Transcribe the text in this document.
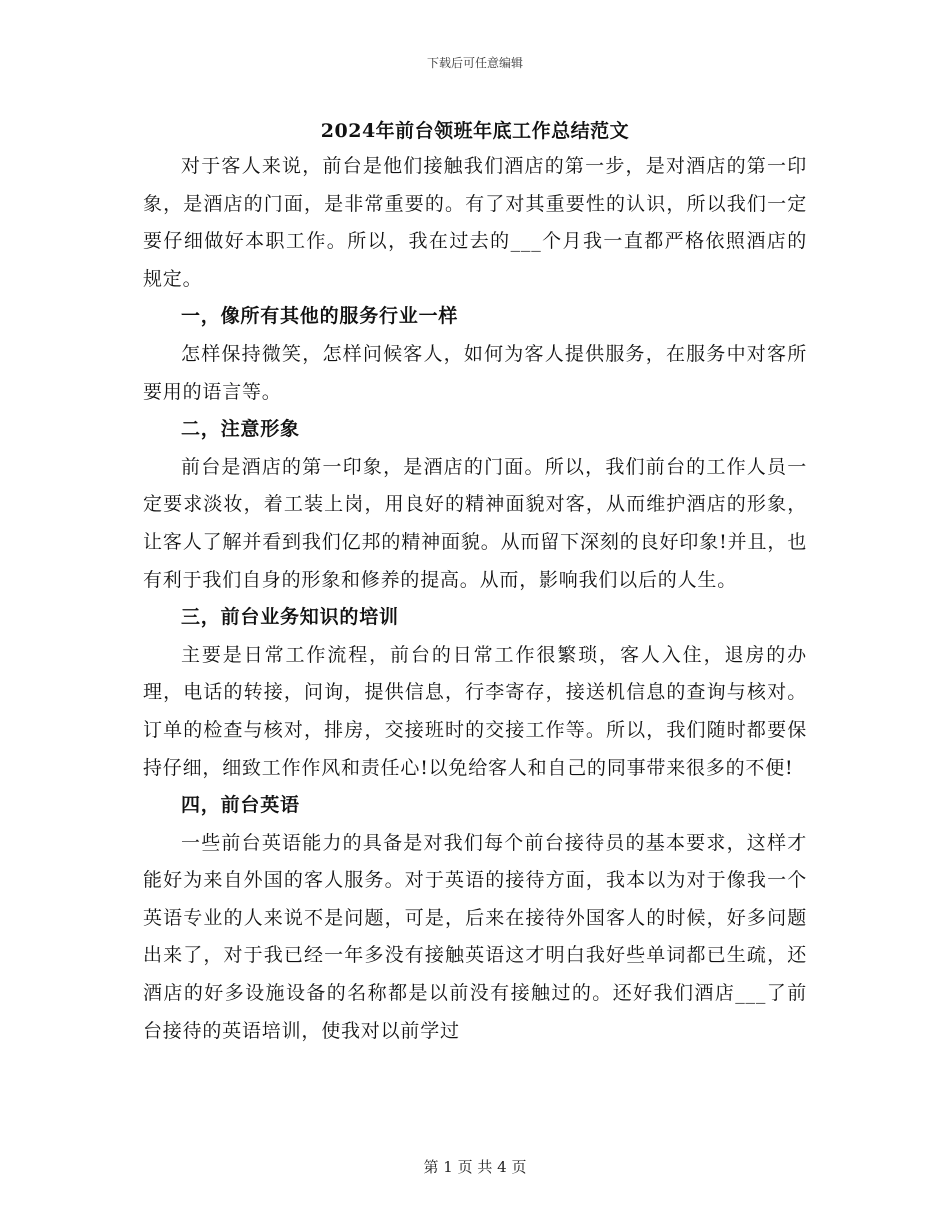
下载后可任意编辑
2024年前台领班年底工作总结范文

对于客人来说，前台是他们接触我们酒店的第一步，是对酒店的第一印象，是酒店的门面，是非常重要的。有了对其重要性的认识，所以我们一定要仔细做好本职工作。所以，我在过去的___个月我一直都严格依照酒店的规定。

一，像所有其他的服务行业一样

怎样保持微笑，怎样问候客人，如何为客人提供服务，在服务中对客所要用的语言等。

二，注意形象

前台是酒店的第一印象，是酒店的门面。所以，我们前台的工作人员一定要求淡妆，着工装上岗，用良好的精神面貌对客，从而维护酒店的形象，让客人了解并看到我们亿邦的精神面貌。从而留下深刻的良好印象!并且，也有利于我们自身的形象和修养的提高。从而，影响我们以后的人生。

三，前台业务知识的培训

主要是日常工作流程，前台的日常工作很繁琐，客人入住，退房的办理，电话的转接，问询，提供信息，行李寄存，接送机信息的查询与核对。订单的检查与核对，排房，交接班时的交接工作等。所以，我们随时都要保持仔细，细致工作作风和责任心!以免给客人和自己的同事带来很多的不便!

四，前台英语

一些前台英语能力的具备是对我们每个前台接待员的基本要求，这样才能好为来自外国的客人服务。对于英语的接待方面，我本以为对于像我一个英语专业的人来说不是问题，可是，后来在接待外国客人的时候，好多问题出来了，对于我已经一年多没有接触英语这才明白我好些单词都已生疏，还酒店的好多设施设备的名称都是以前没有接触过的。还好我们酒店___了前台接待的英语培训，使我对以前学过

第 1 页 共 4 页
